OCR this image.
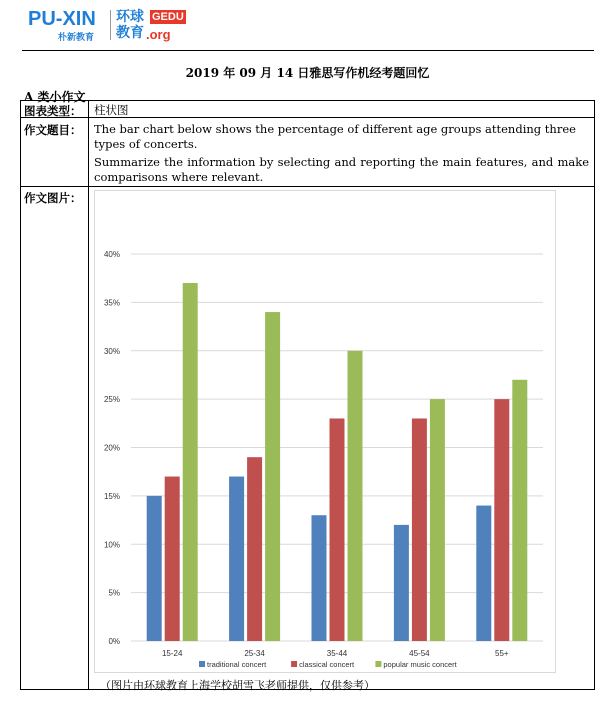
PU-XIN
朴新教育
环球
教育
GEDU
.org
2019 年 09 月 14 日雅思写作机经考题回忆
A 类小作文
图表类型： 柱状图
作文题目： The bar chart below shows the percentage of different age groups attending three types of concerts.
Summarize the information by selecting and reporting the main features, and make comparisons where relevant.
作文图片：
0%
5%
10%
15%
20%
25%
30%
35%
40%
15-24	25-34	35-44	45-54	55+
traditional concert	classical concert	popular music concert
（图片由环球教育上海学校胡雪飞老师提供，仅供参考）
